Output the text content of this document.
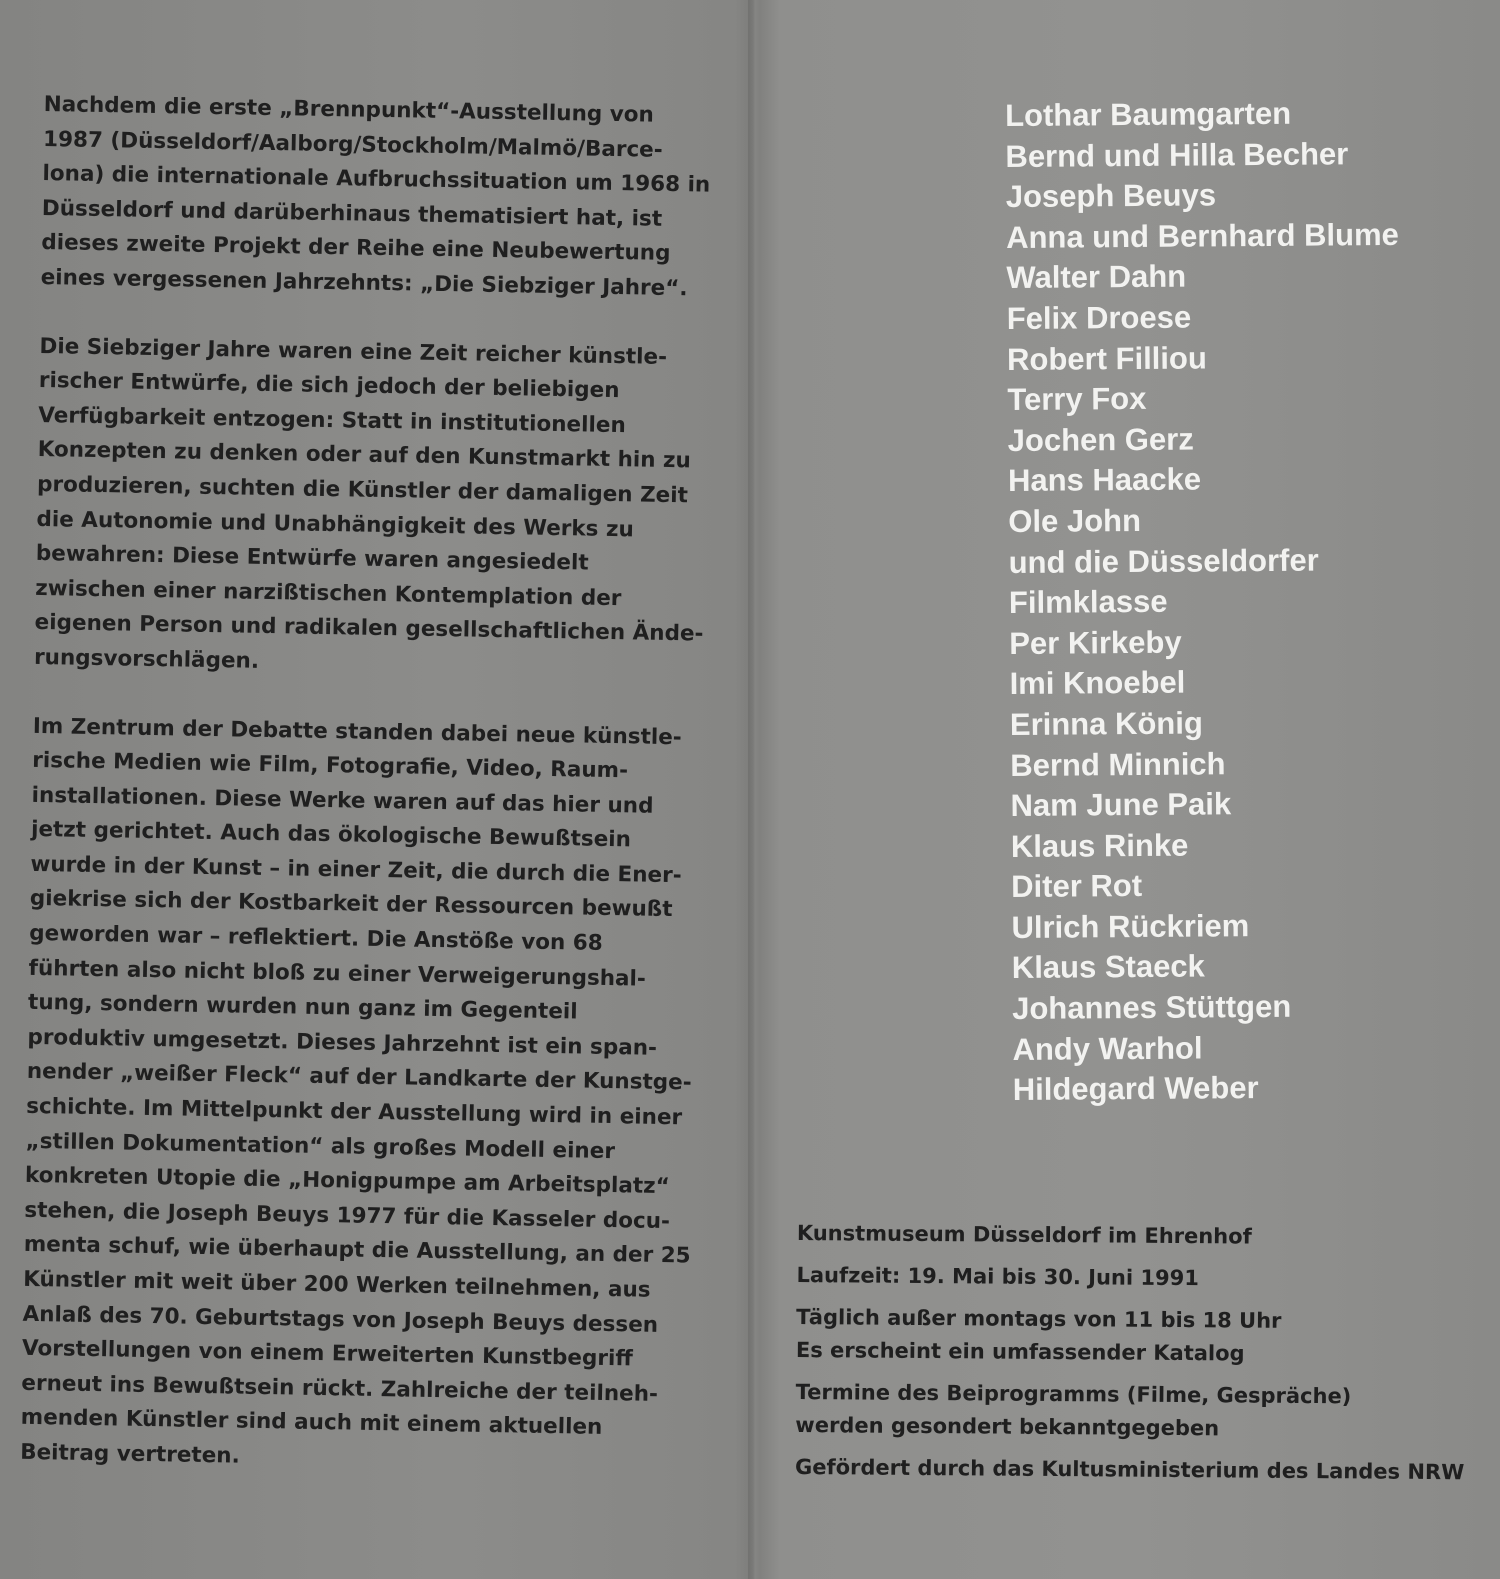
Nachdem die erste „Brennpunkt“-Ausstellung von
1987 (Düsseldorf/Aalborg/Stockholm/Malmö/Barce-
lona) die internationale Aufbruchssituation um 1968 in
Düsseldorf und darüberhinaus thematisiert hat, ist
dieses zweite Projekt der Reihe eine Neubewertung
eines vergessenen Jahrzehnts: „Die Siebziger Jahre“.

Die Siebziger Jahre waren eine Zeit reicher künstle-
rischer Entwürfe, die sich jedoch der beliebigen
Verfügbarkeit entzogen: Statt in institutionellen
Konzepten zu denken oder auf den Kunstmarkt hin zu
produzieren, suchten die Künstler der damaligen Zeit
die Autonomie und Unabhängigkeit des Werks zu
bewahren: Diese Entwürfe waren angesiedelt
zwischen einer narzißtischen Kontemplation der
eigenen Person und radikalen gesellschaftlichen Ände-
rungsvorschlägen.

Im Zentrum der Debatte standen dabei neue künstle-
rische Medien wie Film, Fotografie, Video, Raum-
installationen. Diese Werke waren auf das hier und
jetzt gerichtet. Auch das ökologische Bewußtsein
wurde in der Kunst – in einer Zeit, die durch die Ener-
giekrise sich der Kostbarkeit der Ressourcen bewußt
geworden war – reflektiert. Die Anstöße von 68
führten also nicht bloß zu einer Verweigerungshal-
tung, sondern wurden nun ganz im Gegenteil
produktiv umgesetzt. Dieses Jahrzehnt ist ein span-
nender „weißer Fleck“ auf der Landkarte der Kunstge-
schichte. Im Mittelpunkt der Ausstellung wird in einer
„stillen Dokumentation“ als großes Modell einer
konkreten Utopie die „Honigpumpe am Arbeitsplatz“
stehen, die Joseph Beuys 1977 für die Kasseler docu-
menta schuf, wie überhaupt die Ausstellung, an der 25
Künstler mit weit über 200 Werken teilnehmen, aus
Anlaß des 70. Geburtstags von Joseph Beuys dessen
Vorstellungen von einem Erweiterten Kunstbegriff
erneut ins Bewußtsein rückt. Zahlreiche der teilneh-
menden Künstler sind auch mit einem aktuellen
Beitrag vertreten.

Lothar Baumgarten
Bernd und Hilla Becher
Joseph Beuys
Anna und Bernhard Blume
Walter Dahn
Felix Droese
Robert Filliou
Terry Fox
Jochen Gerz
Hans Haacke
Ole John
und die Düsseldorfer
Filmklasse
Per Kirkeby
Imi Knoebel
Erinna König
Bernd Minnich
Nam June Paik
Klaus Rinke
Diter Rot
Ulrich Rückriem
Klaus Staeck
Johannes Stüttgen
Andy Warhol
Hildegard Weber

Kunstmuseum Düsseldorf im Ehrenhof

Laufzeit: 19. Mai bis 30. Juni 1991

Täglich außer montags von 11 bis 18 Uhr
Es erscheint ein umfassender Katalog

Termine des Beiprogramms (Filme, Gespräche)
werden gesondert bekanntgegeben

Gefördert durch das Kultusministerium des Landes NRW
